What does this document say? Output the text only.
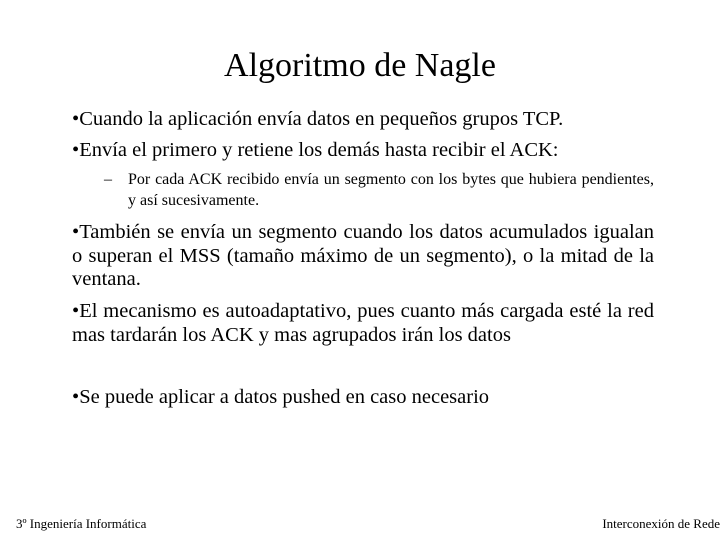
Algoritmo de Nagle

•Cuando la aplicación envía datos en pequeños grupos TCP.

•Envía el primero y retiene los demás hasta recibir el ACK:

– Por cada ACK recibido envía un segmento con los bytes que hubiera pendientes, y así sucesivamente.

•También se envía un segmento cuando los datos acumulados igualan o superan el MSS (tamaño máximo de un segmento), o la mitad de la ventana.

•El mecanismo es autoadaptativo, pues cuanto más cargada esté la red mas tardarán los ACK y mas agrupados irán los datos

•Se puede aplicar a datos pushed en caso necesario

3º Ingeniería Informática	Interconexión de Rede
